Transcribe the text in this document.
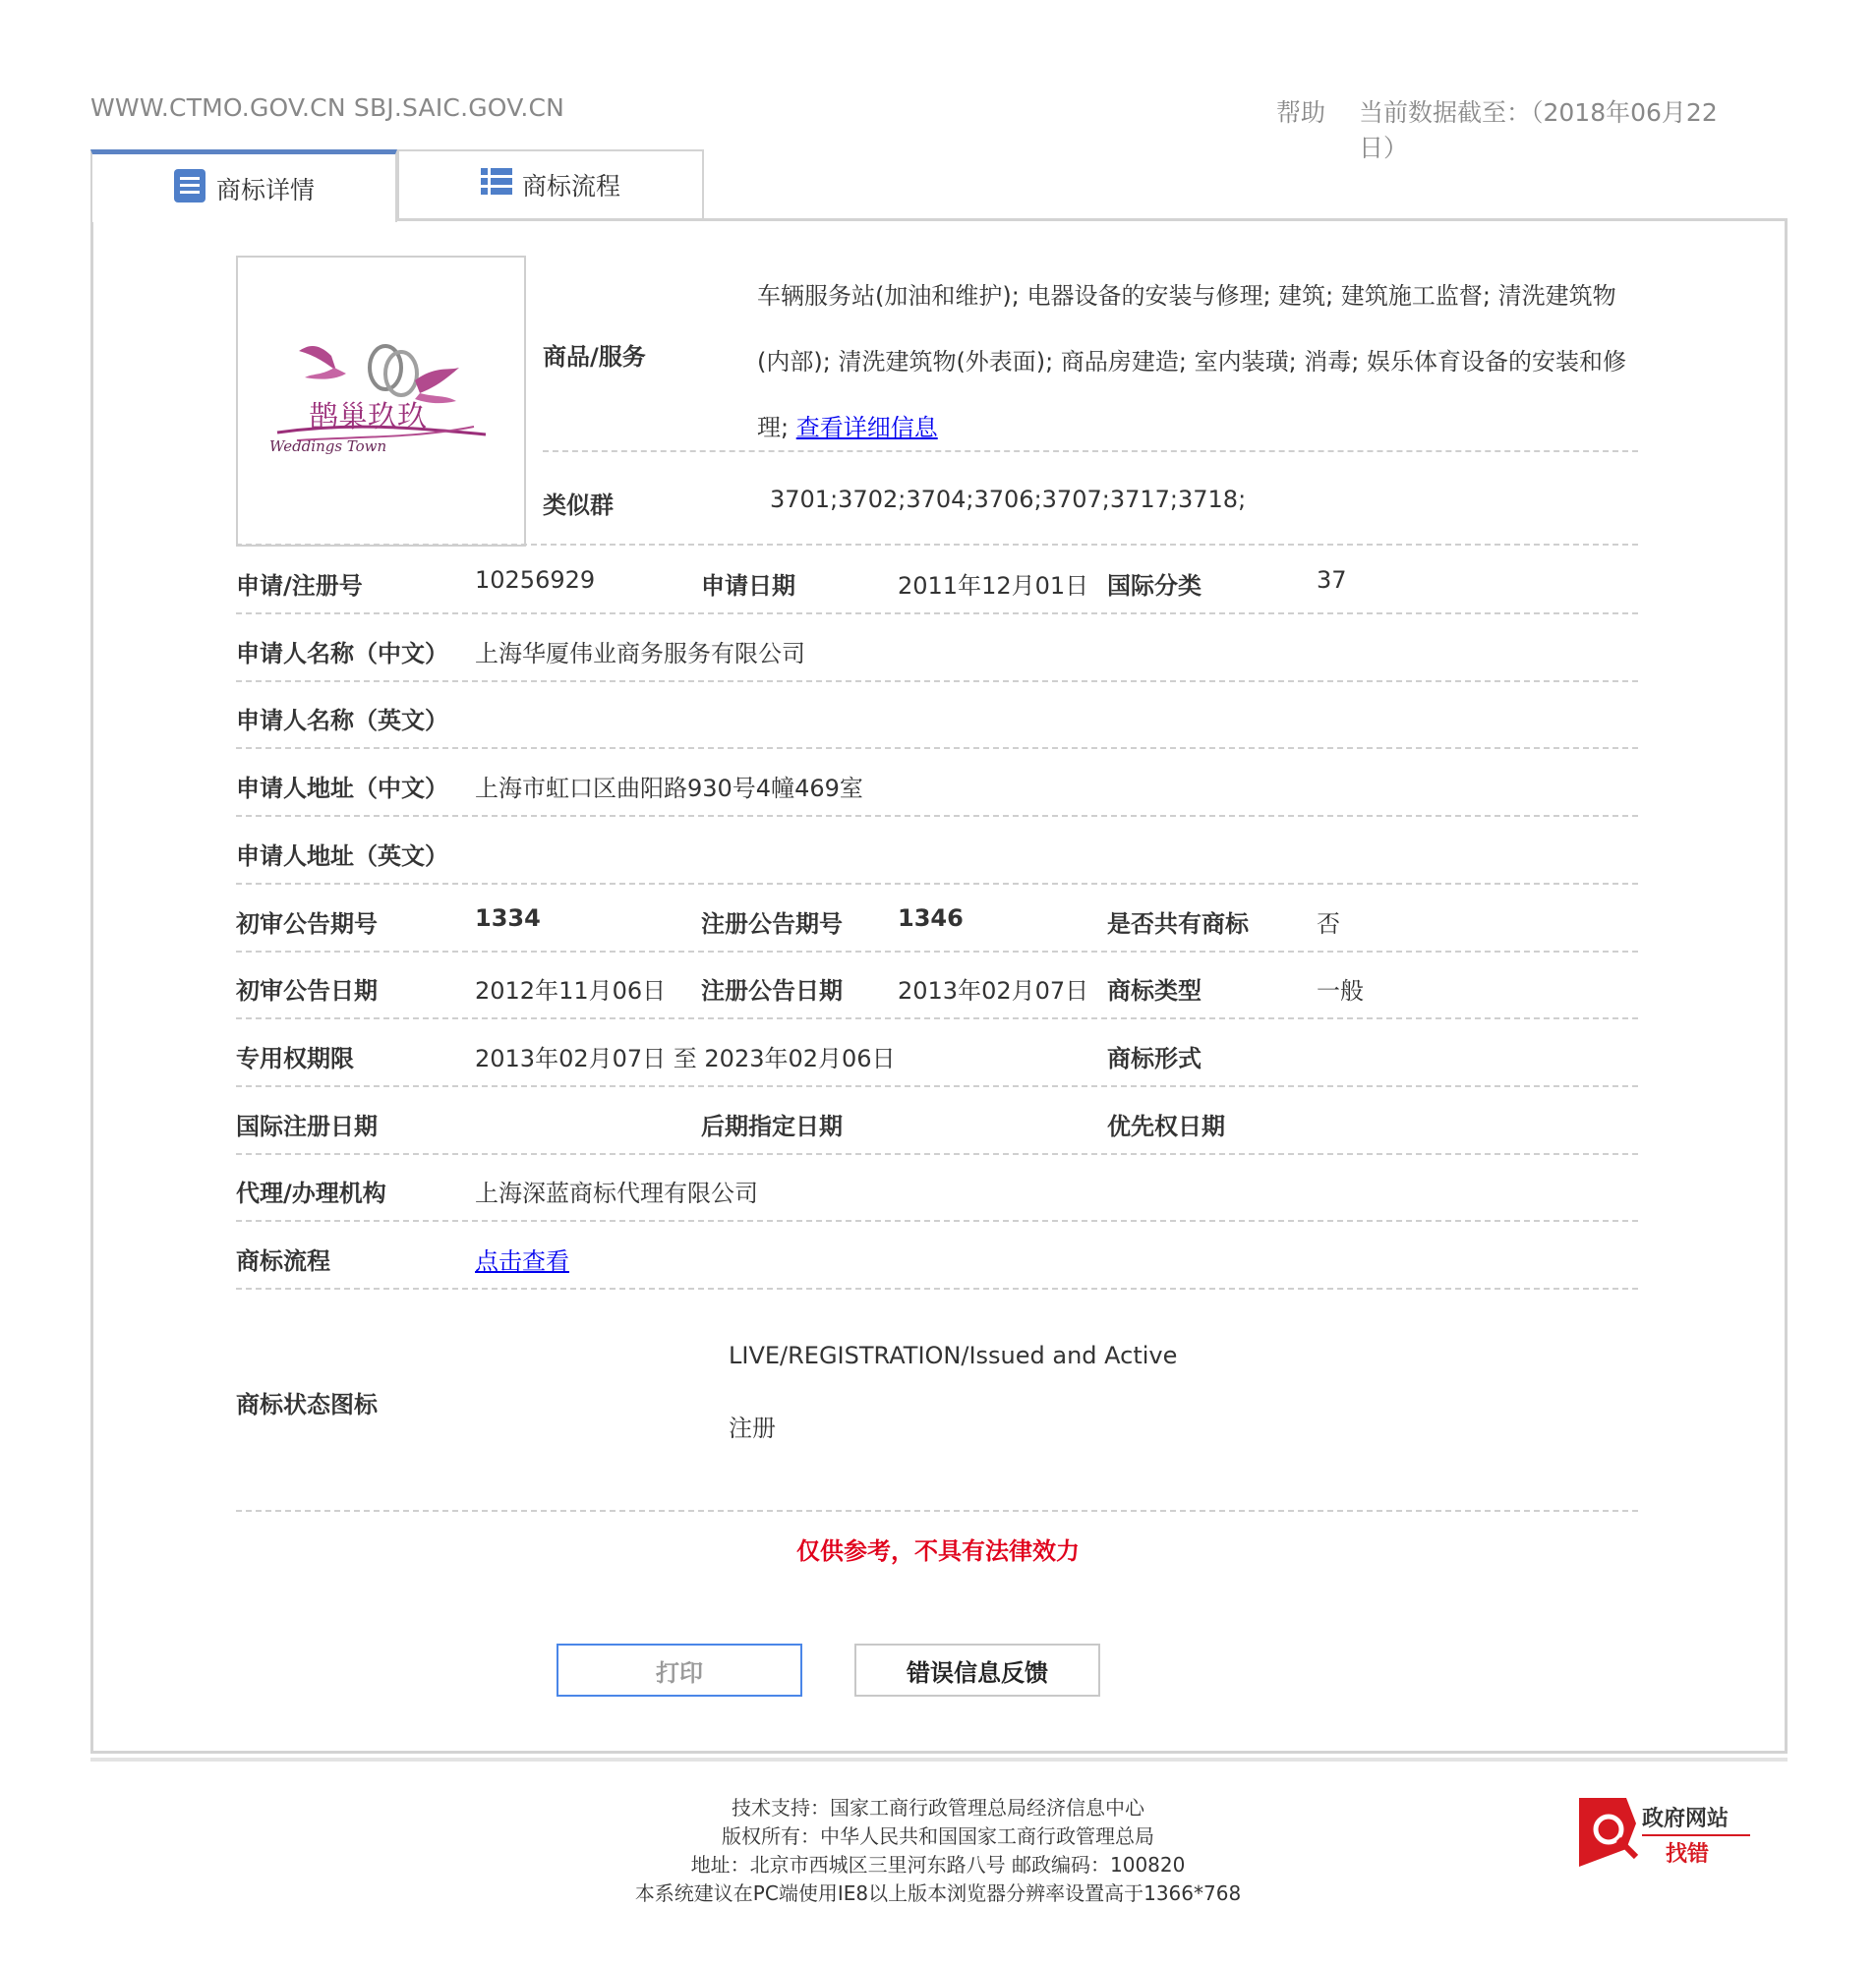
WWW.CTMO.GOV.CN SBJ.SAIC.GOV.CN	帮助 当前数据截至：（2018年06月22日）
商标详情	商标流程
鹊巢玖玖
Weddings Town
商品/服务
车辆服务站(加油和维护); 电器设备的安装与修理; 建筑; 建筑施工监督; 清洗建筑物(内部); 清洗建筑物(外表面); 商品房建造; 室内装璜; 消毒; 娱乐体育设备的安装和修理; 查看详细信息
类似群	3701;3702;3704;3706;3707;3717;3718;
申请/注册号	10256929	申请日期	2011年12月01日 国际分类	37
申请人名称（中文） 上海华厦伟业商务服务有限公司
申请人名称（英文）
申请人地址（中文） 上海市虹口区曲阳路930号4幢469室
申请人地址（英文）
初审公告期号	1334	注册公告期号 1346	是否共有商标	否
初审公告日期	2012年11月06日 注册公告日期 2013年02月07日 商标类型	一般
专用权期限	2013年02月07日 至 2023年02月06日	商标形式
国际注册日期	后期指定日期	优先权日期
代理/办理机构	上海深蓝商标代理有限公司
商标流程	点击查看
商标状态图标
LIVE/REGISTRATION/Issued and Active
注册
仅供参考，不具有法律效力
打印	错误信息反馈
技术支持：国家工商行政管理总局经济信息中心
版权所有：中华人民共和国国家工商行政管理总局
地址：北京市西城区三里河东路八号 邮政编码：100820
本系统建议在PC端使用IE8以上版本浏览器分辨率设置高于1366*768
政府网站
找错
